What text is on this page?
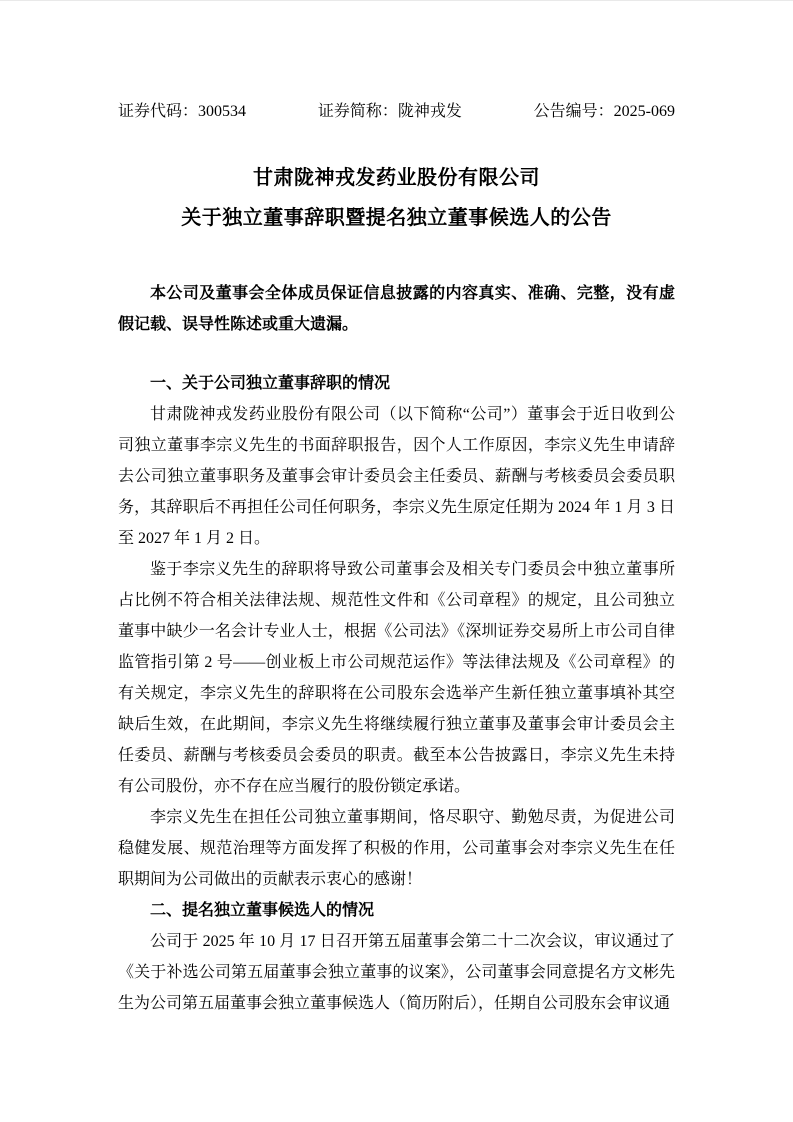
证券代码：300534	证券简称：陇神戎发	公告编号：2025-069
甘肃陇神戎发药业股份有限公司
关于独立董事辞职暨提名独立董事候选人的公告

本公司及董事会全体成员保证信息披露的内容真实、准确、完整，没有虚假记载、误导性陈述或重大遗漏。

一、关于公司独立董事辞职的情况

甘肃陇神戎发药业股份有限公司（以下简称“公司”）董事会于近日收到公司独立董事李宗义先生的书面辞职报告，因个人工作原因，李宗义先生申请辞去公司独立董事职务及董事会审计委员会主任委员、薪酬与考核委员会委员职务，其辞职后不再担任公司任何职务，李宗义先生原定任期为 2024 年 1 月 3 日至 2027 年 1 月 2 日。

鉴于李宗义先生的辞职将导致公司董事会及相关专门委员会中独立董事所占比例不符合相关法律法规、规范性文件和《公司章程》的规定，且公司独立董事中缺少一名会计专业人士，根据《公司法》《深圳证券交易所上市公司自律监管指引第 2 号——创业板上市公司规范运作》等法律法规及《公司章程》的有关规定，李宗义先生的辞职将在公司股东会选举产生新任独立董事填补其空缺后生效，在此期间，李宗义先生将继续履行独立董事及董事会审计委员会主任委员、薪酬与考核委员会委员的职责。截至本公告披露日，李宗义先生未持有公司股份，亦不存在应当履行的股份锁定承诺。

李宗义先生在担任公司独立董事期间，恪尽职守、勤勉尽责，为促进公司稳健发展、规范治理等方面发挥了积极的作用，公司董事会对李宗义先生在任职期间为公司做出的贡献表示衷心的感谢！

二、提名独立董事候选人的情况

公司于 2025 年 10 月 17 日召开第五届董事会第二十二次会议，审议通过了《关于补选公司第五届董事会独立董事的议案》，公司董事会同意提名方文彬先生为公司第五届董事会独立董事候选人（简历附后），任期自公司股东会审议通
